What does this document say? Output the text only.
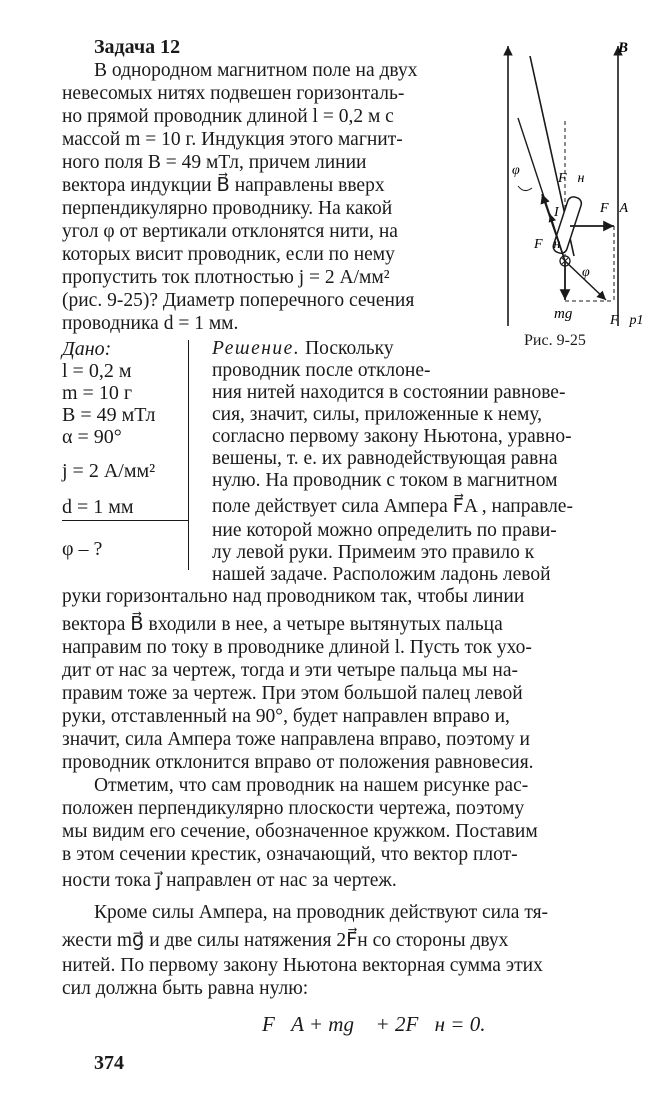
Задача 12
В однородном магнитном поле на двух
невесомых нитях подвешен горизонталь-
но прямой проводник длиной l = 0,2 м с
массой m = 10 г. Индукция этого магнит-
ного поля B = 49 мТл, причем линии
вектора индукции B⃗ направлены вверх
перпендикулярно проводнику. На какой
угол φ от вертикали отклонятся нити, на
которых висит проводник, если по нему
пропустить ток плотностью j = 2 А/мм²
(рис. 9-25)? Диаметр поперечного сечения
проводника d = 1 мм.
B⃗
φ
F⃗н
I	F⃗A
F⃗н
φ
mg⃗ F⃗p1
Рис. 9-25
Дано:
l = 0,2 м
m = 10 г
B = 49 мТл
α = 90°
j = 2 А/мм²
d = 1 мм
φ – ?
Решение. Поскольку
проводник после отклоне-
ния нитей находится в состоянии равнове-
сия, значит, силы, приложенные к нему,
согласно первому закону Ньютона, уравно-
вешены, т. е. их равнодействующая равна
нулю. На проводник с током в магнитном
поле действует сила Ампера F⃗A , направле-
ние которой можно определить по прави-
лу левой руки. Примеим это правило к
нашей задаче. Расположим ладонь левой
руки горизонтально над проводником так, чтобы линии
вектора B⃗ входили в нее, а четыре вытянутых пальца
направим по току в проводнике длиной l. Пусть ток ухо-
дит от нас за чертеж, тогда и эти четыре пальца мы на-
правим тоже за чертеж. При этом большой палец левой
руки, отставленный на 90°, будет направлен вправо и,
значит, сила Ампера тоже направлена вправо, поэтому и
проводник отклонится вправо от положения равновесия.
Отметим, что сам проводник на нашем рисунке рас-
положен перпендикулярно плоскости чертежа, поэтому
мы видим его сечение, обозначенное кружком. Поставим
в этом сечении крестик, означающий, что вектор плот-
ности тока j⃗ направлен от нас за чертеж.
Кроме силы Ампера, на проводник действуют сила тя-
жести mg⃗ и две силы натяжения 2F⃗н со стороны двух
нитей. По первому закону Ньютона векторная сумма этих
сил должна быть равна нулю:
F⃗A + mg⃗ + 2F⃗н = 0.
374
